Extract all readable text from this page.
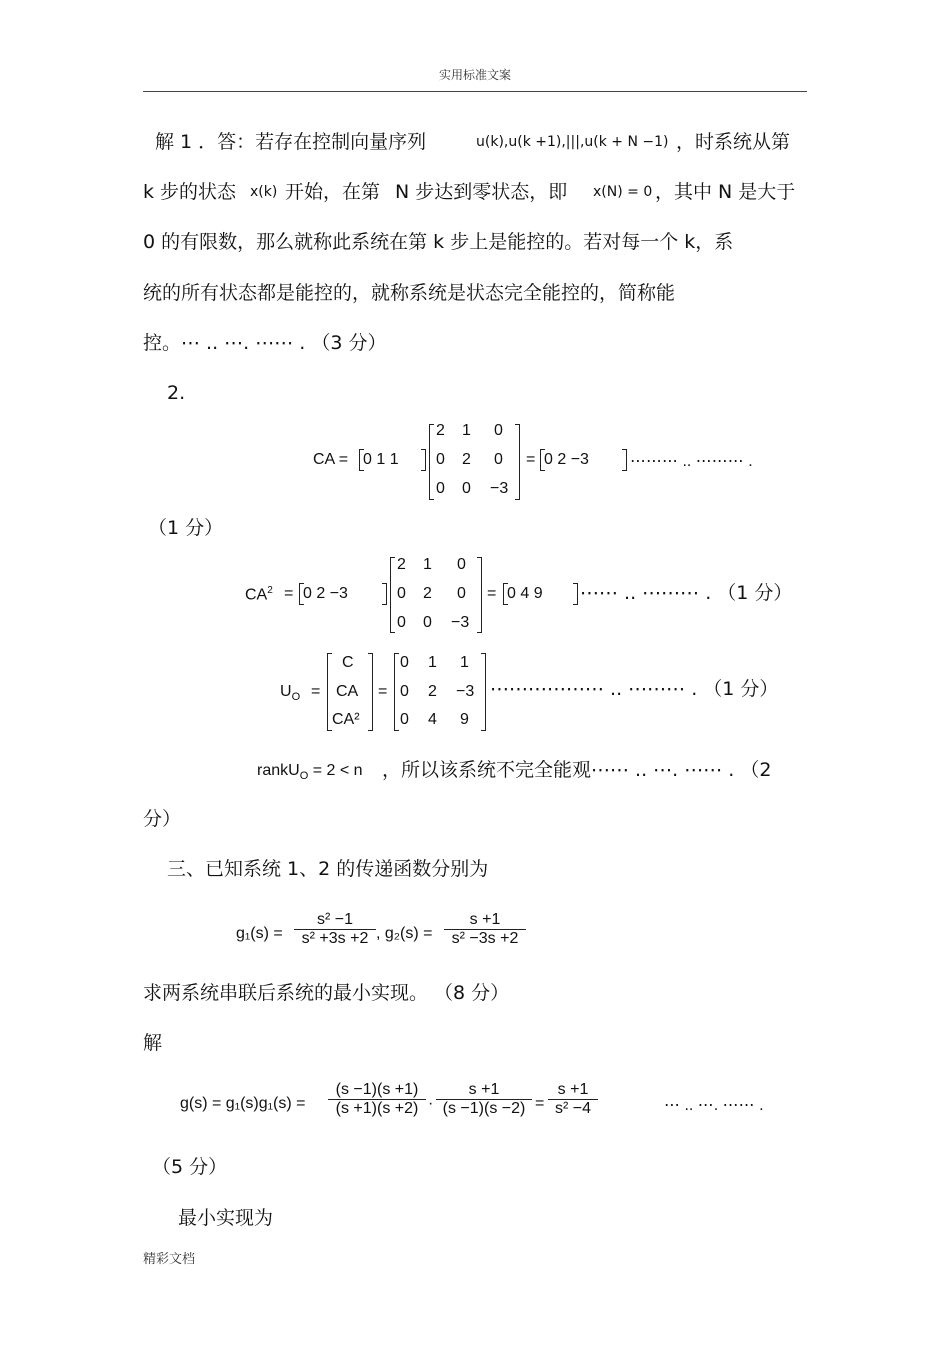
实用标准文案
解 1 ．答：若存在控制向量序列	u(k),u(k +1),|||,u(k + N −1) ，时系统从第
k 步的状态 x(k) 开始，在第 N 步达到零状态，即 x(N) = 0 ，其中 N 是大于
0 的有限数，那么就称此系统在第 k 步上是能控的。若对每一个 k，系
统的所有状态都是能控的，就称系统是状态完全能控的，简称能
控。⋯ .. ⋯. ⋯⋯ . （3 分）
2.
CA = 0 1 1
2 1 0
0 2 0
0 0 −3
= 0 2 −3	⋯⋯⋯ .. ⋯⋯⋯ .
（1 分）
$CA^2 = 0$ 2 −3
2 1 0
0 2 0
0 0 −3
= 0 4 9 ⋯⋯ .. ⋯⋯⋯ . （1 分）
$U_O$ =
C
CA
CA²
=
0 1 1
0 2 −3
0 4 9
⋯⋯⋯⋯⋯⋯ .. ⋯⋯⋯ . （1 分）
rankU$_O$ = 2 < n ，所以该系统不完全能观⋯⋯ .. ⋯. ⋯⋯ . （2
分）
三、已知系统 1、2 的传递函数分别为
$g_1(s) = \frac{\text{s² −1}}{\text{s² +3s +2}}$ , $g_2(s) = \frac{s +1}{\text{s² −3s +2}}$
求两系统串联后系统的最小实现。 （8 分）
解
$g(s) = g_1(s)g_1(s) = \frac{(s -1)(s +1)}{(s +1)(s +2)} \cdot \frac{s +1}{(s -1)(s -2)} = \frac{s +1}{\text{s² −4}}$	⋯ .. ⋯. ⋯⋯ .
（5 分）
最小实现为
精彩文档
